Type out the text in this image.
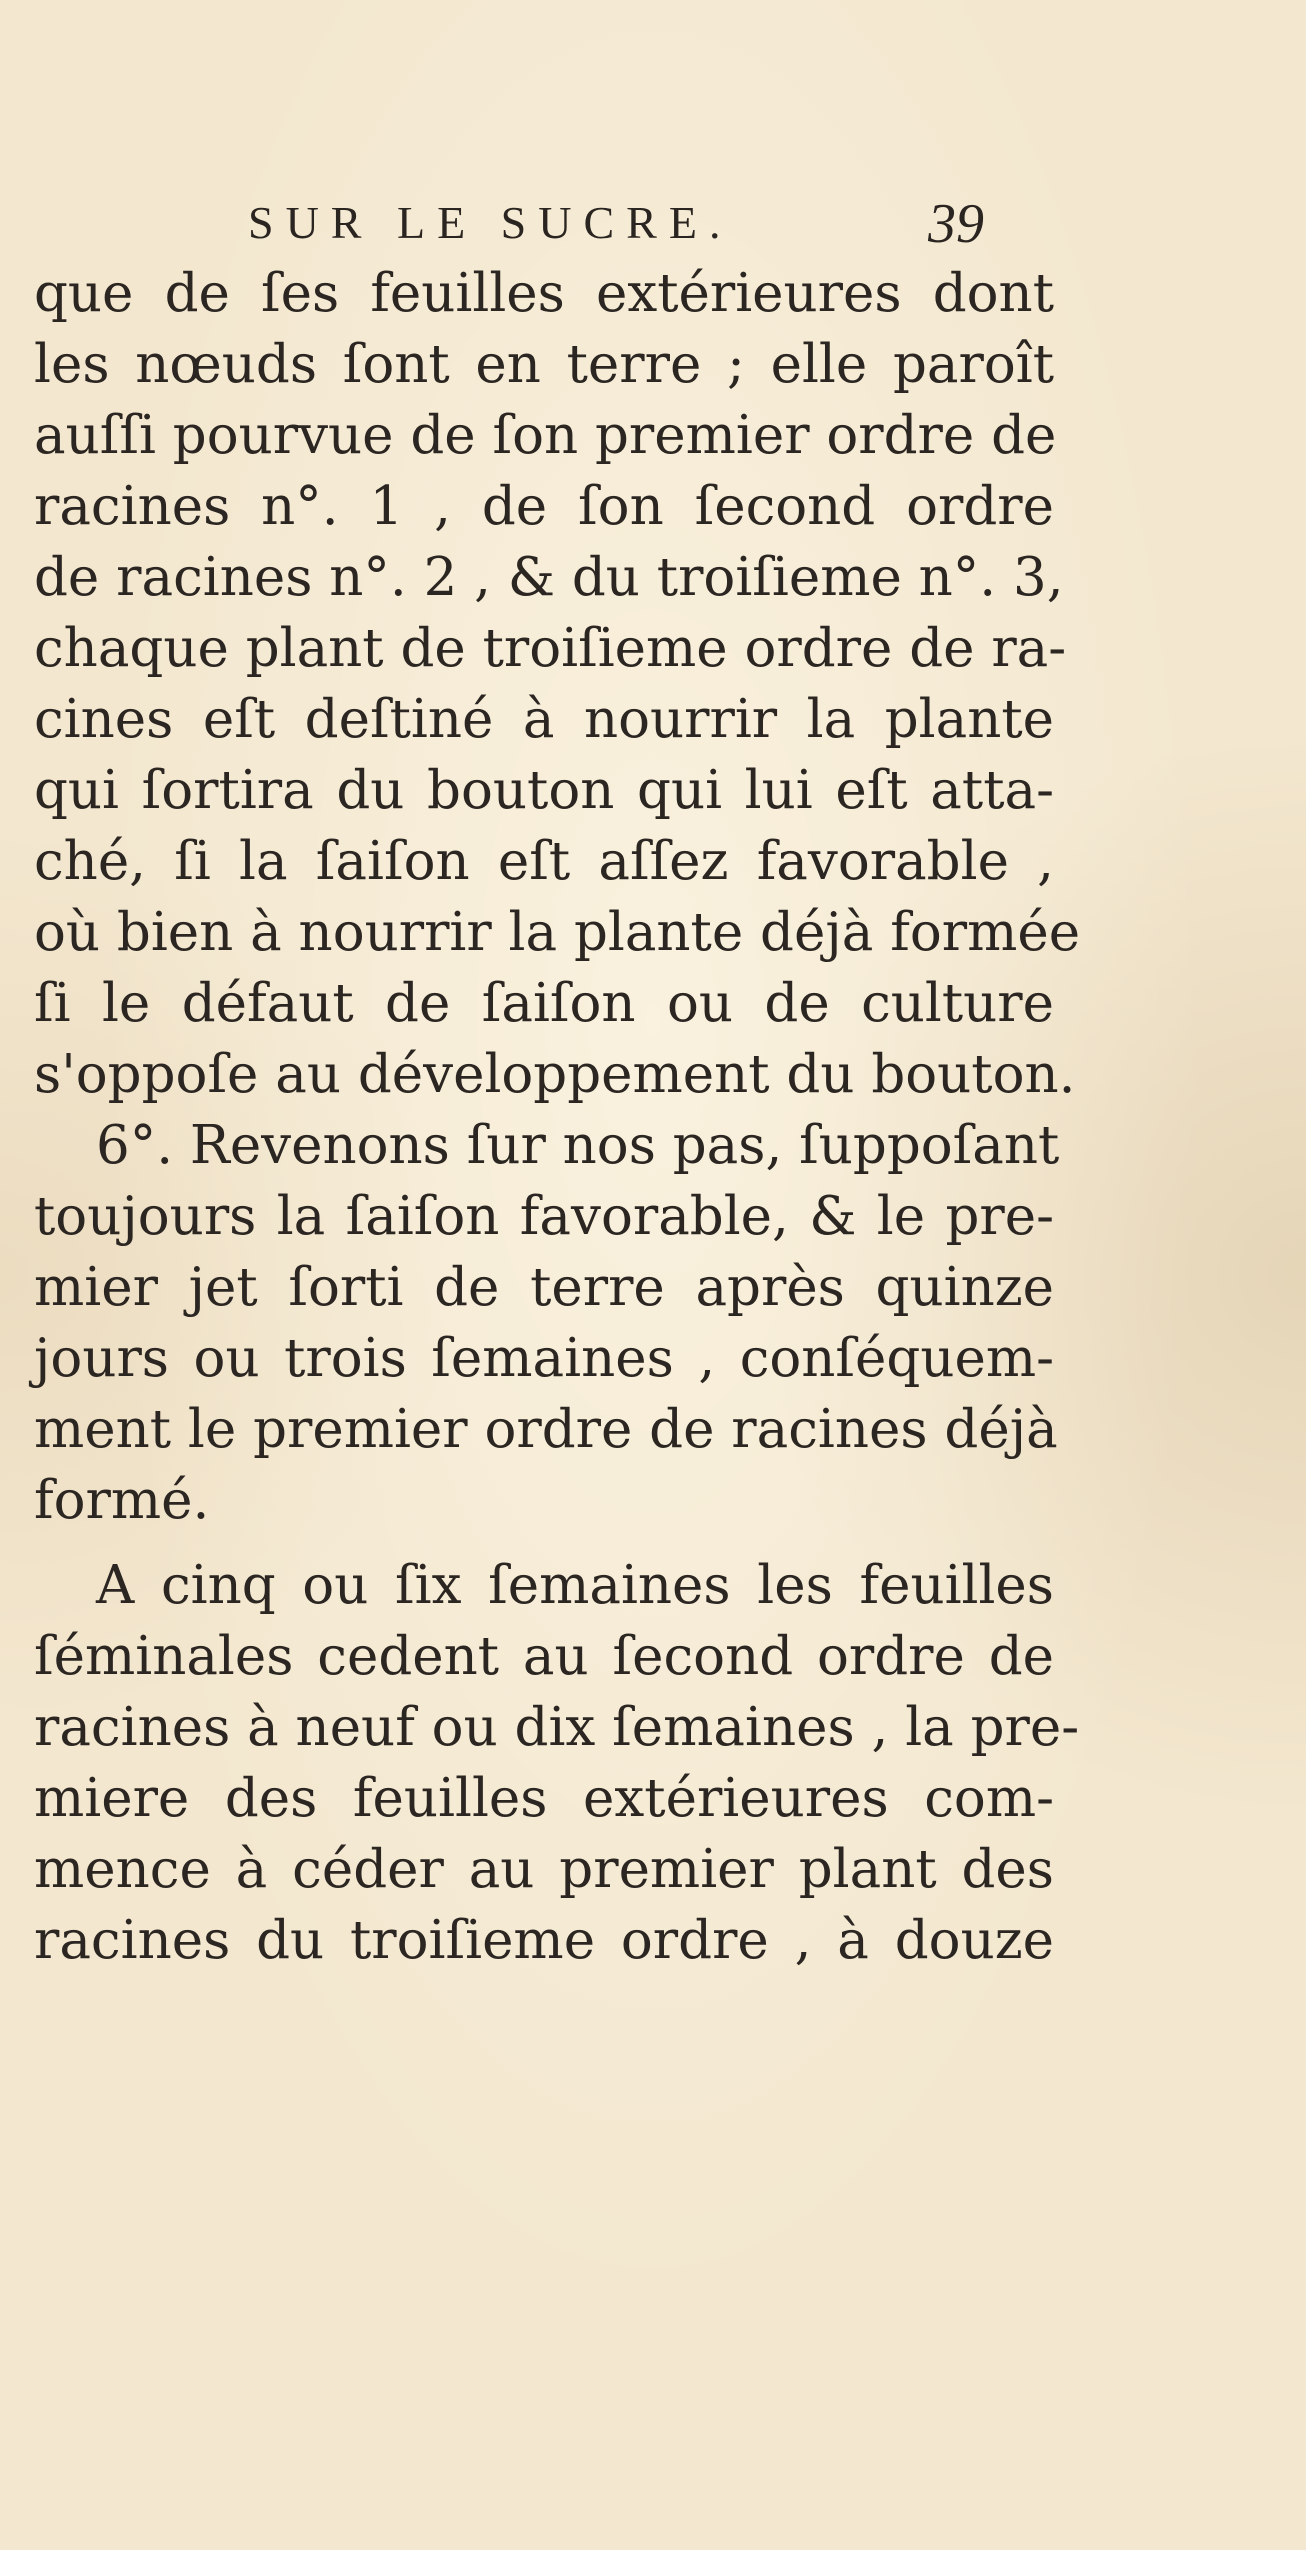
SUR LE SUCRE.	39
que de ſes feuilles extérieures dont
les nœuds ſont en terre ; elle paroît
auſſi pourvue de ſon premier ordre de
racines n°. 1 , de ſon ſecond ordre
de racines n°. 2 , & du troiſieme n°. 3,
chaque plant de troiſieme ordre de ra-
cines eſt deſtiné à nourrir la plante
qui ſortira du bouton qui lui eſt atta-
ché, ſi la ſaiſon eſt aſſez favorable ,
où bien à nourrir la plante déjà formée
ſi le défaut de ſaiſon ou de culture
s'oppoſe au développement du bouton.
6°. Revenons ſur nos pas, ſuppoſant
toujours la ſaiſon favorable, & le pre-
mier jet ſorti de terre après quinze
jours ou trois ſemaines , conſéquem-
ment le premier ordre de racines déjà
formé.
A cinq ou ſix ſemaines les feuilles
ſéminales cedent au ſecond ordre de
racines à neuf ou dix ſemaines , la pre-
miere des feuilles extérieures com-
mence à céder au premier plant des
racines du troiſieme ordre , à douze
